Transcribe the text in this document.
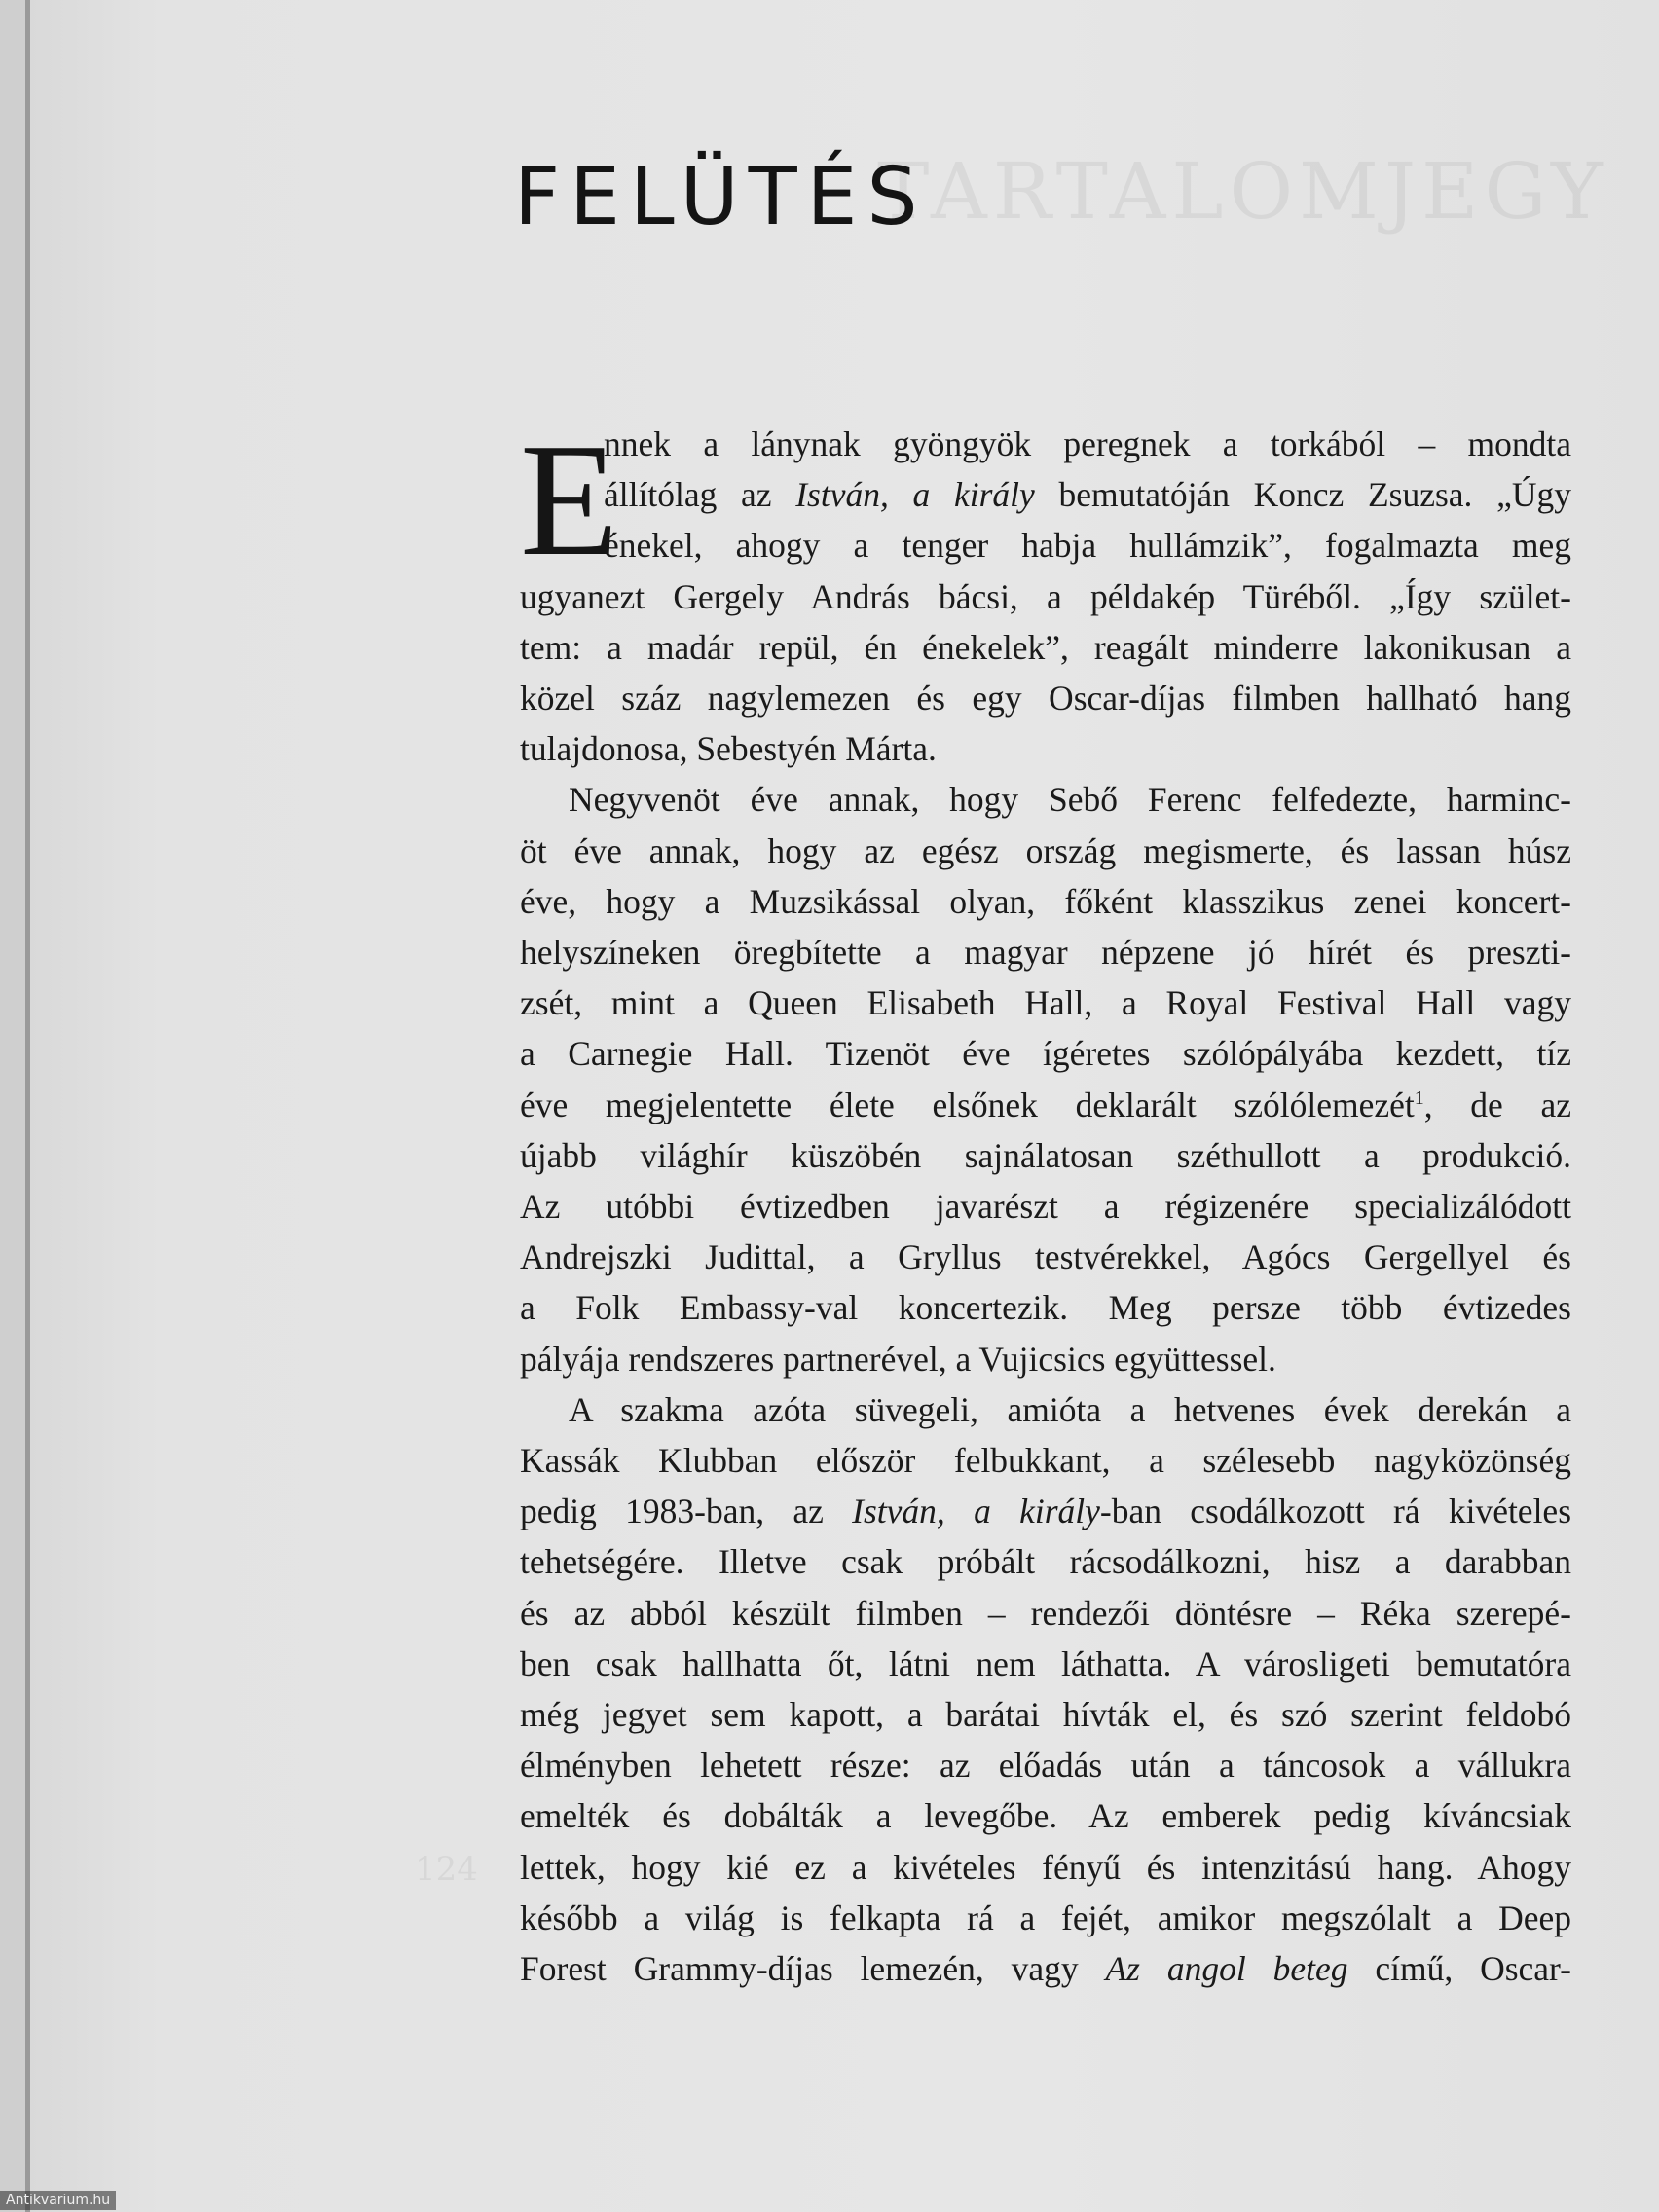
TARTALOMJEGY
124
FELÜTÉS
E
nnek a lánynak gyöngyök peregnek a torkából – mondta
állítólag az István, a király bemutatóján Koncz Zsuzsa. „Úgy
énekel, ahogy a tenger habja hullámzik”, fogalmazta meg
ugyanezt Gergely András bácsi, a példakép Türéből. „Így szület-
tem: a madár repül, én énekelek”, reagált minderre lakonikusan a
közel száz nagylemezen és egy Oscar-díjas filmben hallható hang
tulajdonosa, Sebestyén Márta.
Negyvenöt éve annak, hogy Sebő Ferenc felfedezte, harminc-
öt éve annak, hogy az egész ország megismerte, és lassan húsz
éve, hogy a Muzsikással olyan, főként klasszikus zenei koncert-
helyszíneken öregbítette a magyar népzene jó hírét és preszti-
zsét, mint a Queen Elisabeth Hall, a Royal Festival Hall vagy
a Carnegie Hall. Tizenöt éve ígéretes szólópályába kezdett, tíz
éve megjelentette élete elsőnek deklarált szólólemezét$^1$, de az
újabb világhír küszöbén sajnálatosan széthullott a produkció.
Az utóbbi évtizedben javarészt a régizenére specializálódott
Andrejszki Judittal, a Gryllus testvérekkel, Agócs Gergellyel és
a Folk Embassy-val koncertezik. Meg persze több évtizedes
pályája rendszeres partnerével, a Vujicsics együttessel.
A szakma azóta süvegeli, amióta a hetvenes évek derekán a
Kassák Klubban először felbukkant, a szélesebb nagyközönség
pedig 1983-ban, az István, a király-ban csodálkozott rá kivételes
tehetségére. Illetve csak próbált rácsodálkozni, hisz a darabban
és az abból készült filmben – rendezői döntésre – Réka szerepé-
ben csak hallhatta őt, látni nem láthatta. A városligeti bemutatóra
még jegyet sem kapott, a barátai hívták el, és szó szerint feldobó
élményben lehetett része: az előadás után a táncosok a vállukra
emelték és dobálták a levegőbe. Az emberek pedig kíváncsiak
lettek, hogy kié ez a kivételes fényű és intenzitású hang. Ahogy
később a világ is felkapta rá a fejét, amikor megszólalt a Deep
Forest Grammy-díjas lemezén, vagy Az angol beteg című, Oscar-
Antikvarium.hu
